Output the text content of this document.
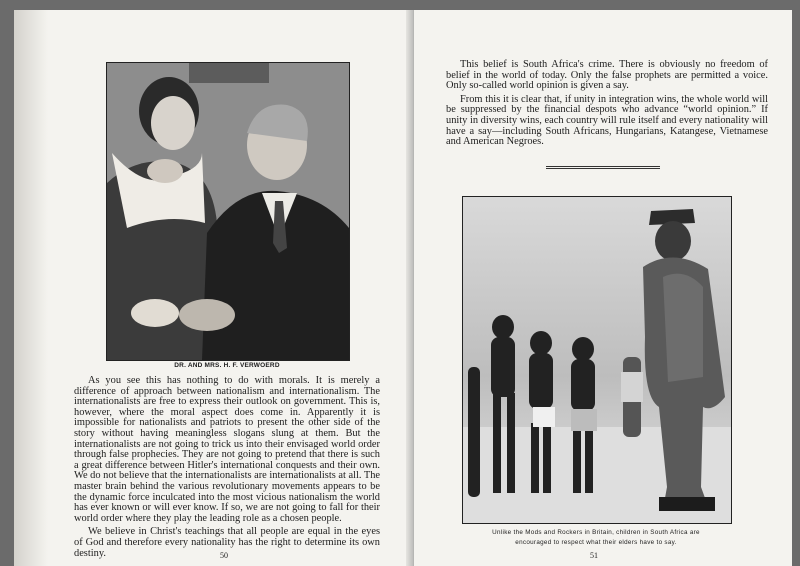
DR. AND MRS. H. F. VERWOERD

As you see this has nothing to do with morals. It is merely a difference of approach between nationalism and internationalism. The internationalists are free to express their outlook on government. This is, however, where the moral aspect does come in. Apparently it is impossible for nationalists and patriots to present the other side of the story without having meaningless slogans slung at them. But the internationalists are not going to trick us into their envisaged world order through false prophecies. They are not going to pretend that there is such a great difference between Hitler's international conquests and their own. We do not believe that the internationalists are internationalists at all. The master brain behind the various revolutionary movements appears to be the dynamic force inculcated into the most vicious nationalism the world has ever known or will ever know. If so, we are not going to fall for their world order where they play the leading role as a chosen people.

We believe in Christ's teachings that all people are equal in the eyes of God and therefore every nationality has the right to determine its own destiny.	50

This belief is South Africa's crime. There is obviously no freedom of belief in the world of today. Only the false prophets are permitted a voice. Only so-called world opinion is given a say.

From this it is clear that, if unity in integration wins, the whole world will be suppressed by the financial despots who advance “world opinion.” If unity in diversity wins, each country will rule itself and every nationality will have a say—including South Africans, Hungarians, Katangese, Vietnamese and American Negroes.

Unlike the Mods and Rockers in Britain, children in South Africa are
encouraged to respect what their elders have to say.
51
